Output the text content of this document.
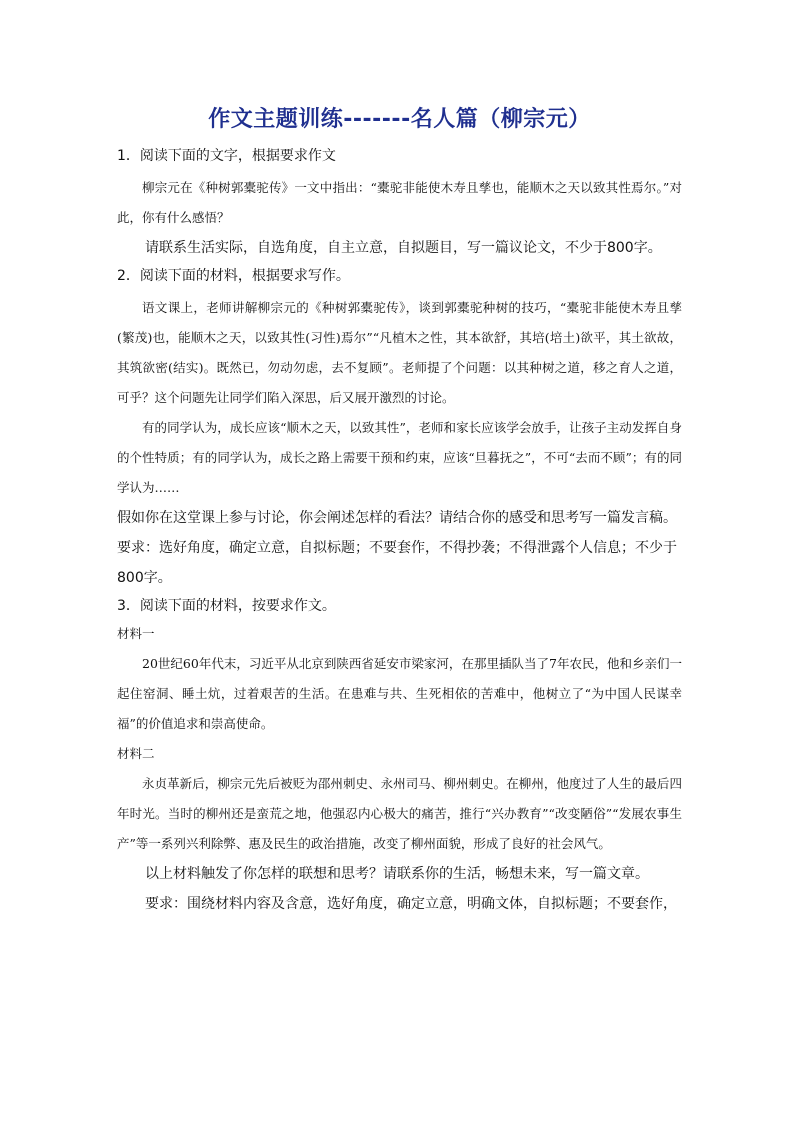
作文主题训练-------名人篇（柳宗元）

1．阅读下面的文字，根据要求作文

柳宗元在《种树郭橐驼传》一文中指出：“橐驼非能使木寿且孳也，能顺木之天以致其性焉尔。”对此，你有什么感悟？

请联系生活实际，自选角度，自主立意，自拟题目，写一篇议论文，不少于800字。

2．阅读下面的材料，根据要求写作。

语文课上，老师讲解柳宗元的《种树郭橐驼传》，谈到郭橐驼种树的技巧，“橐驼非能使木寿且孳(繁茂)也，能顺木之天，以致其性(习性)焉尔”“凡植木之性，其本欲舒，其培(培土)欲平，其土欲故，其筑欲密(结实)。既然已，勿动勿虑，去不复顾”。老师提了个问题：以其种树之道，移之育人之道，可乎？这个问题先让同学们陷入深思，后又展开激烈的讨论。

有的同学认为，成长应该“顺木之天，以致其性”，老师和家长应该学会放手，让孩子主动发挥自身的个性特质；有的同学认为，成长之路上需要干预和约束，应该“旦暮抚之”，不可“去而不顾”；有的同学认为……

假如你在这堂课上参与讨论，你会阐述怎样的看法？请结合你的感受和思考写一篇发言稿。要求：选好角度，确定立意，自拟标题；不要套作，不得抄袭；不得泄露个人信息；不少于800字。

3．阅读下面的材料，按要求作文。

材料一

20世纪60年代末，习近平从北京到陕西省延安市梁家河，在那里插队当了7年农民，他和乡亲们一起住窑洞、睡土炕，过着艰苦的生活。在患难与共、生死相依的苦难中，他树立了“为中国人民谋幸福”的价值追求和崇高使命。

材料二

永贞革新后，柳宗元先后被贬为邵州刺史、永州司马、柳州刺史。在柳州，他度过了人生的最后四年时光。当时的柳州还是蛮荒之地，他强忍内心极大的痛苦，推行“兴办教育”“改变陋俗”“发展农事生产”等一系列兴利除弊、惠及民生的政治措施，改变了柳州面貌，形成了良好的社会风气。

以上材料触发了你怎样的联想和思考？请联系你的生活，畅想未来，写一篇文章。

要求：围绕材料内容及含意，选好角度，确定立意，明确文体，自拟标题；不要套作，
